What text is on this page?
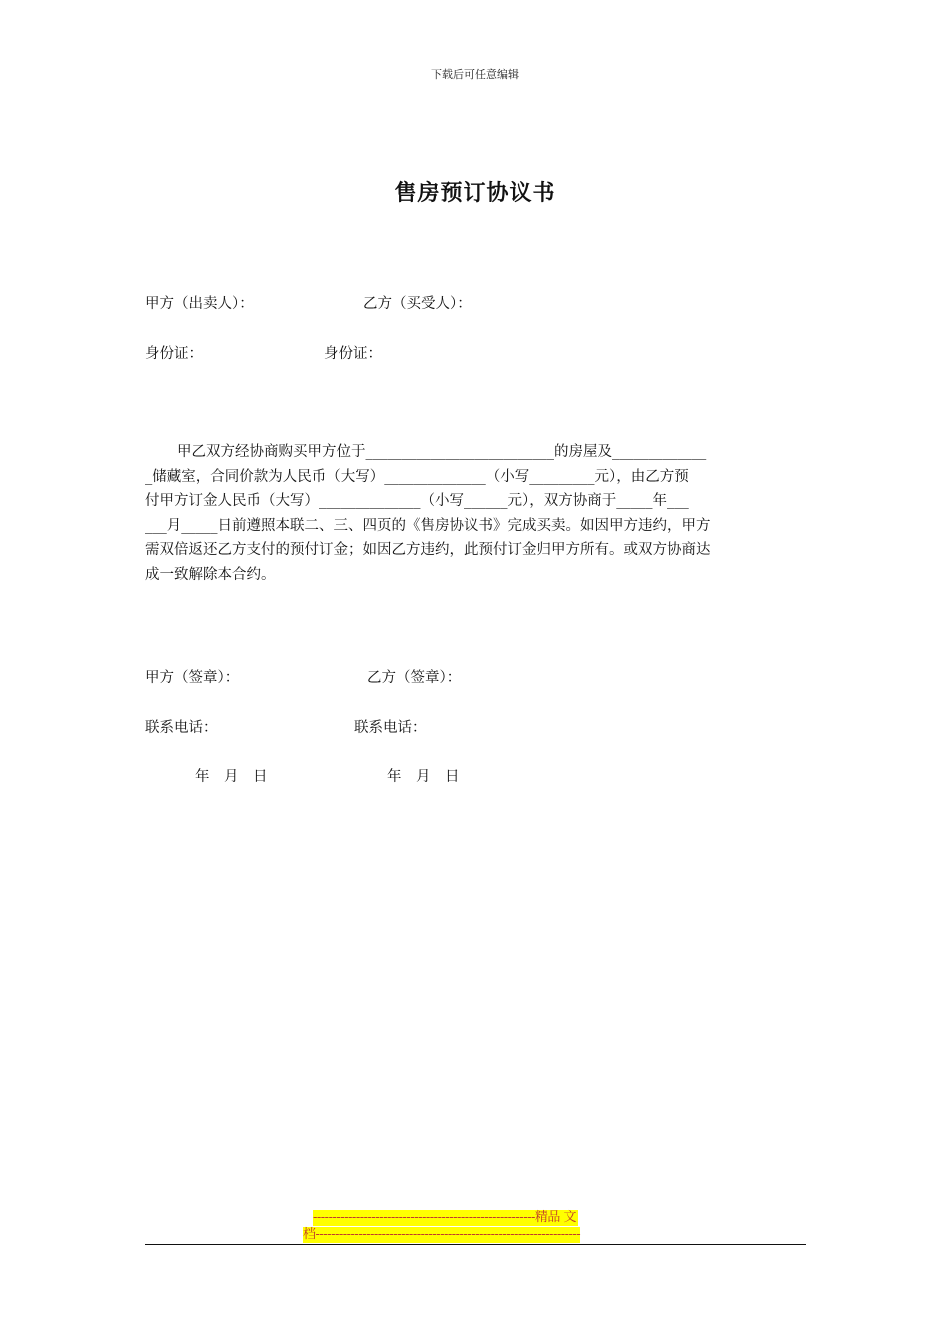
下载后可任意编辑
售房预订协议书
甲方（出卖人）：	乙方（买受人）：
身份证：	身份证：
甲乙双方经协商购买甲方位于__________________________的房屋及_____________
_储藏室，合同价款为人民币（大写）______________（小写_________元），由乙方预
付甲方订金人民币（大写）______________（小写______元），双方协商于_____年___
___月_____日前遵照本联二、三、四页的《售房协议书》完成买卖。如因甲方违约，甲方
需双倍返还乙方支付的预付订金；如因乙方违约，此预付订金归甲方所有。或双方协商达
成一致解除本合约。
甲方（签章）：	乙方（签章）：
联系电话：	联系电话：
年　月　日	年　月　日
---------------------------------------------------------精品 文
档--------------------------------------------------------------------
